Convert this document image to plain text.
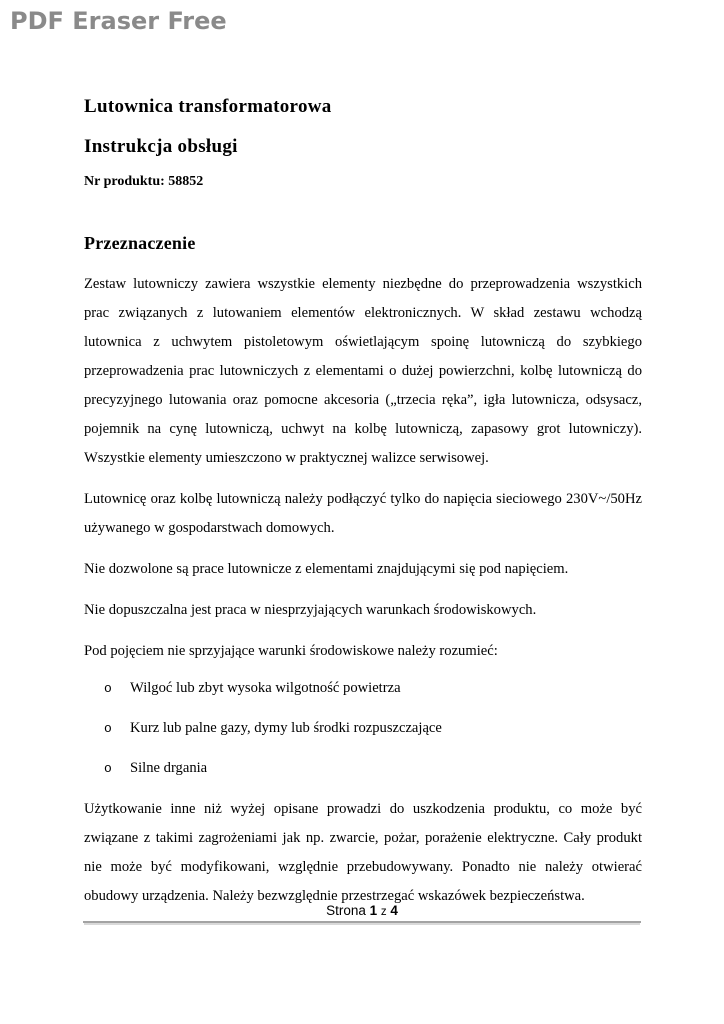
PDF Eraser Free
Lutownica transformatorowa
Instrukcja obsługi
Nr produktu: 58852
Przeznaczenie

Zestaw lutowniczy zawiera wszystkie elementy niezbędne do przeprowadzenia wszystkich prac związanych z lutowaniem elementów elektronicznych. W skład zestawu wchodzą lutownica z uchwytem pistoletowym oświetlającym spoinę lutowniczą do szybkiego przeprowadzenia prac lutowniczych z elementami o dużej powierzchni, kolbę lutowniczą do precyzyjnego lutowania oraz pomocne akcesoria („trzecia ręka”, igła lutownicza, odsysacz, pojemnik na cynę lutowniczą, uchwyt na kolbę lutowniczą, zapasowy grot lutowniczy). Wszystkie elementy umieszczono w praktycznej walizce serwisowej.

Lutownicę oraz kolbę lutowniczą należy podłączyć tylko do napięcia sieciowego 230V~/50Hz używanego w gospodarstwach domowych.

Nie dozwolone są prace lutownicze z elementami znajdującymi się pod napięciem.

Nie dopuszczalna jest praca w niesprzyjających warunkach środowiskowych.

Pod pojęciem nie sprzyjające warunki środowiskowe należy rozumieć:

o Wilgoć lub zbyt wysoka wilgotność powietrza
o Kurz lub palne gazy, dymy lub środki rozpuszczające
o Silne drgania

Użytkowanie inne niż wyżej opisane prowadzi do uszkodzenia produktu, co może być związane z takimi zagrożeniami jak np. zwarcie, pożar, porażenie elektryczne. Cały produkt nie może być modyfikowani, względnie przebudowywany. Ponadto nie należy otwierać obudowy urządzenia. Należy bezwzględnie przestrzegać wskazówek bezpieczeństwa.

Strona 1 z 4
